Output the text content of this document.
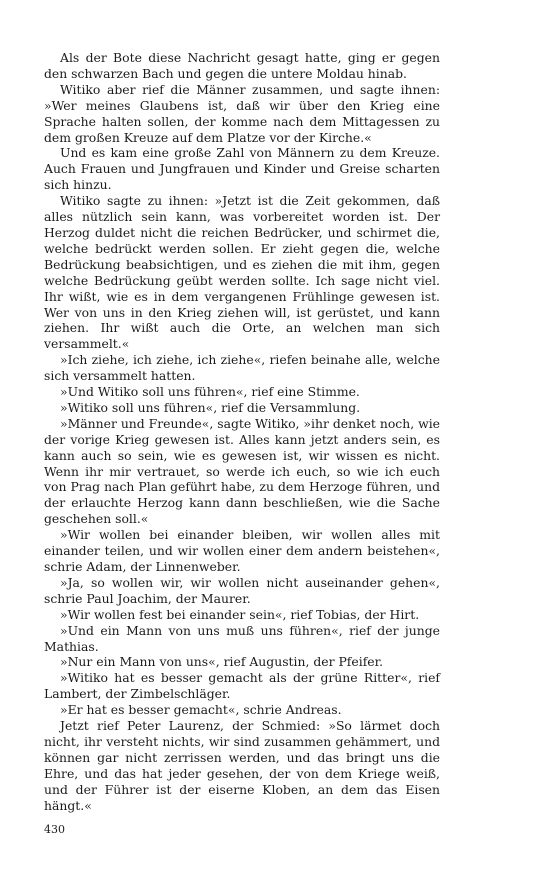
Als der Bote diese Nachricht gesagt hatte, ging er gegen den schwarzen Bach und gegen die untere Moldau hinab.

Witiko aber rief die Männer zusammen, und sagte ihnen: »Wer meines Glaubens ist, daß wir über den Krieg eine Sprache halten sollen, der komme nach dem Mittagessen zu dem großen Kreuze auf dem Platze vor der Kirche.«

Und es kam eine große Zahl von Männern zu dem Kreuze. Auch Frauen und Jungfrauen und Kinder und Greise scharten sich hinzu.

Witiko sagte zu ihnen: »Jetzt ist die Zeit gekommen, daß alles nützlich sein kann, was vorbereitet worden ist. Der Herzog duldet nicht die reichen Bedrücker, und schirmet die, welche bedrückt werden sollen. Er zieht gegen die, welche Bedrückung beabsichtigen, und es ziehen die mit ihm, gegen welche Bedrückung geübt werden sollte. Ich sage nicht viel. Ihr wißt, wie es in dem vergangenen Frühlinge gewesen ist. Wer von uns in den Krieg ziehen will, ist gerüstet, und kann ziehen. Ihr wißt auch die Orte, an welchen man sich versammelt.«

»Ich ziehe, ich ziehe, ich ziehe«, riefen beinahe alle, welche sich versammelt hatten.

»Und Witiko soll uns führen«, rief eine Stimme.

»Witiko soll uns führen«, rief die Versammlung.

»Männer und Freunde«, sagte Witiko, »ihr denket noch, wie der vorige Krieg gewesen ist. Alles kann jetzt anders sein, es kann auch so sein, wie es gewesen ist, wir wissen es nicht. Wenn ihr mir vertrauet, so werde ich euch, so wie ich euch von Prag nach Plan geführt habe, zu dem Herzoge führen, und der erlauchte Herzog kann dann beschließen, wie die Sache geschehen soll.«

»Wir wollen bei einander bleiben, wir wollen alles mit einander teilen, und wir wollen einer dem andern beistehen«, schrie Adam, der Linnenweber.

»Ja, so wollen wir, wir wollen nicht auseinander gehen«, schrie Paul Joachim, der Maurer.

»Wir wollen fest bei einander sein«, rief Tobias, der Hirt.

»Und ein Mann von uns muß uns führen«, rief der junge Mathias.

»Nur ein Mann von uns«, rief Augustin, der Pfeifer.

»Witiko hat es besser gemacht als der grüne Ritter«, rief Lambert, der Zimbelschläger.

»Er hat es besser gemacht«, schrie Andreas.

Jetzt rief Peter Laurenz, der Schmied: »So lärmet doch nicht, ihr versteht nichts, wir sind zusammen gehämmert, und können gar nicht zerrissen werden, und das bringt uns die Ehre, und das hat jeder gesehen, der von dem Kriege weiß, und der Führer ist der eiserne Kloben, an dem das Eisen hängt.«

430
